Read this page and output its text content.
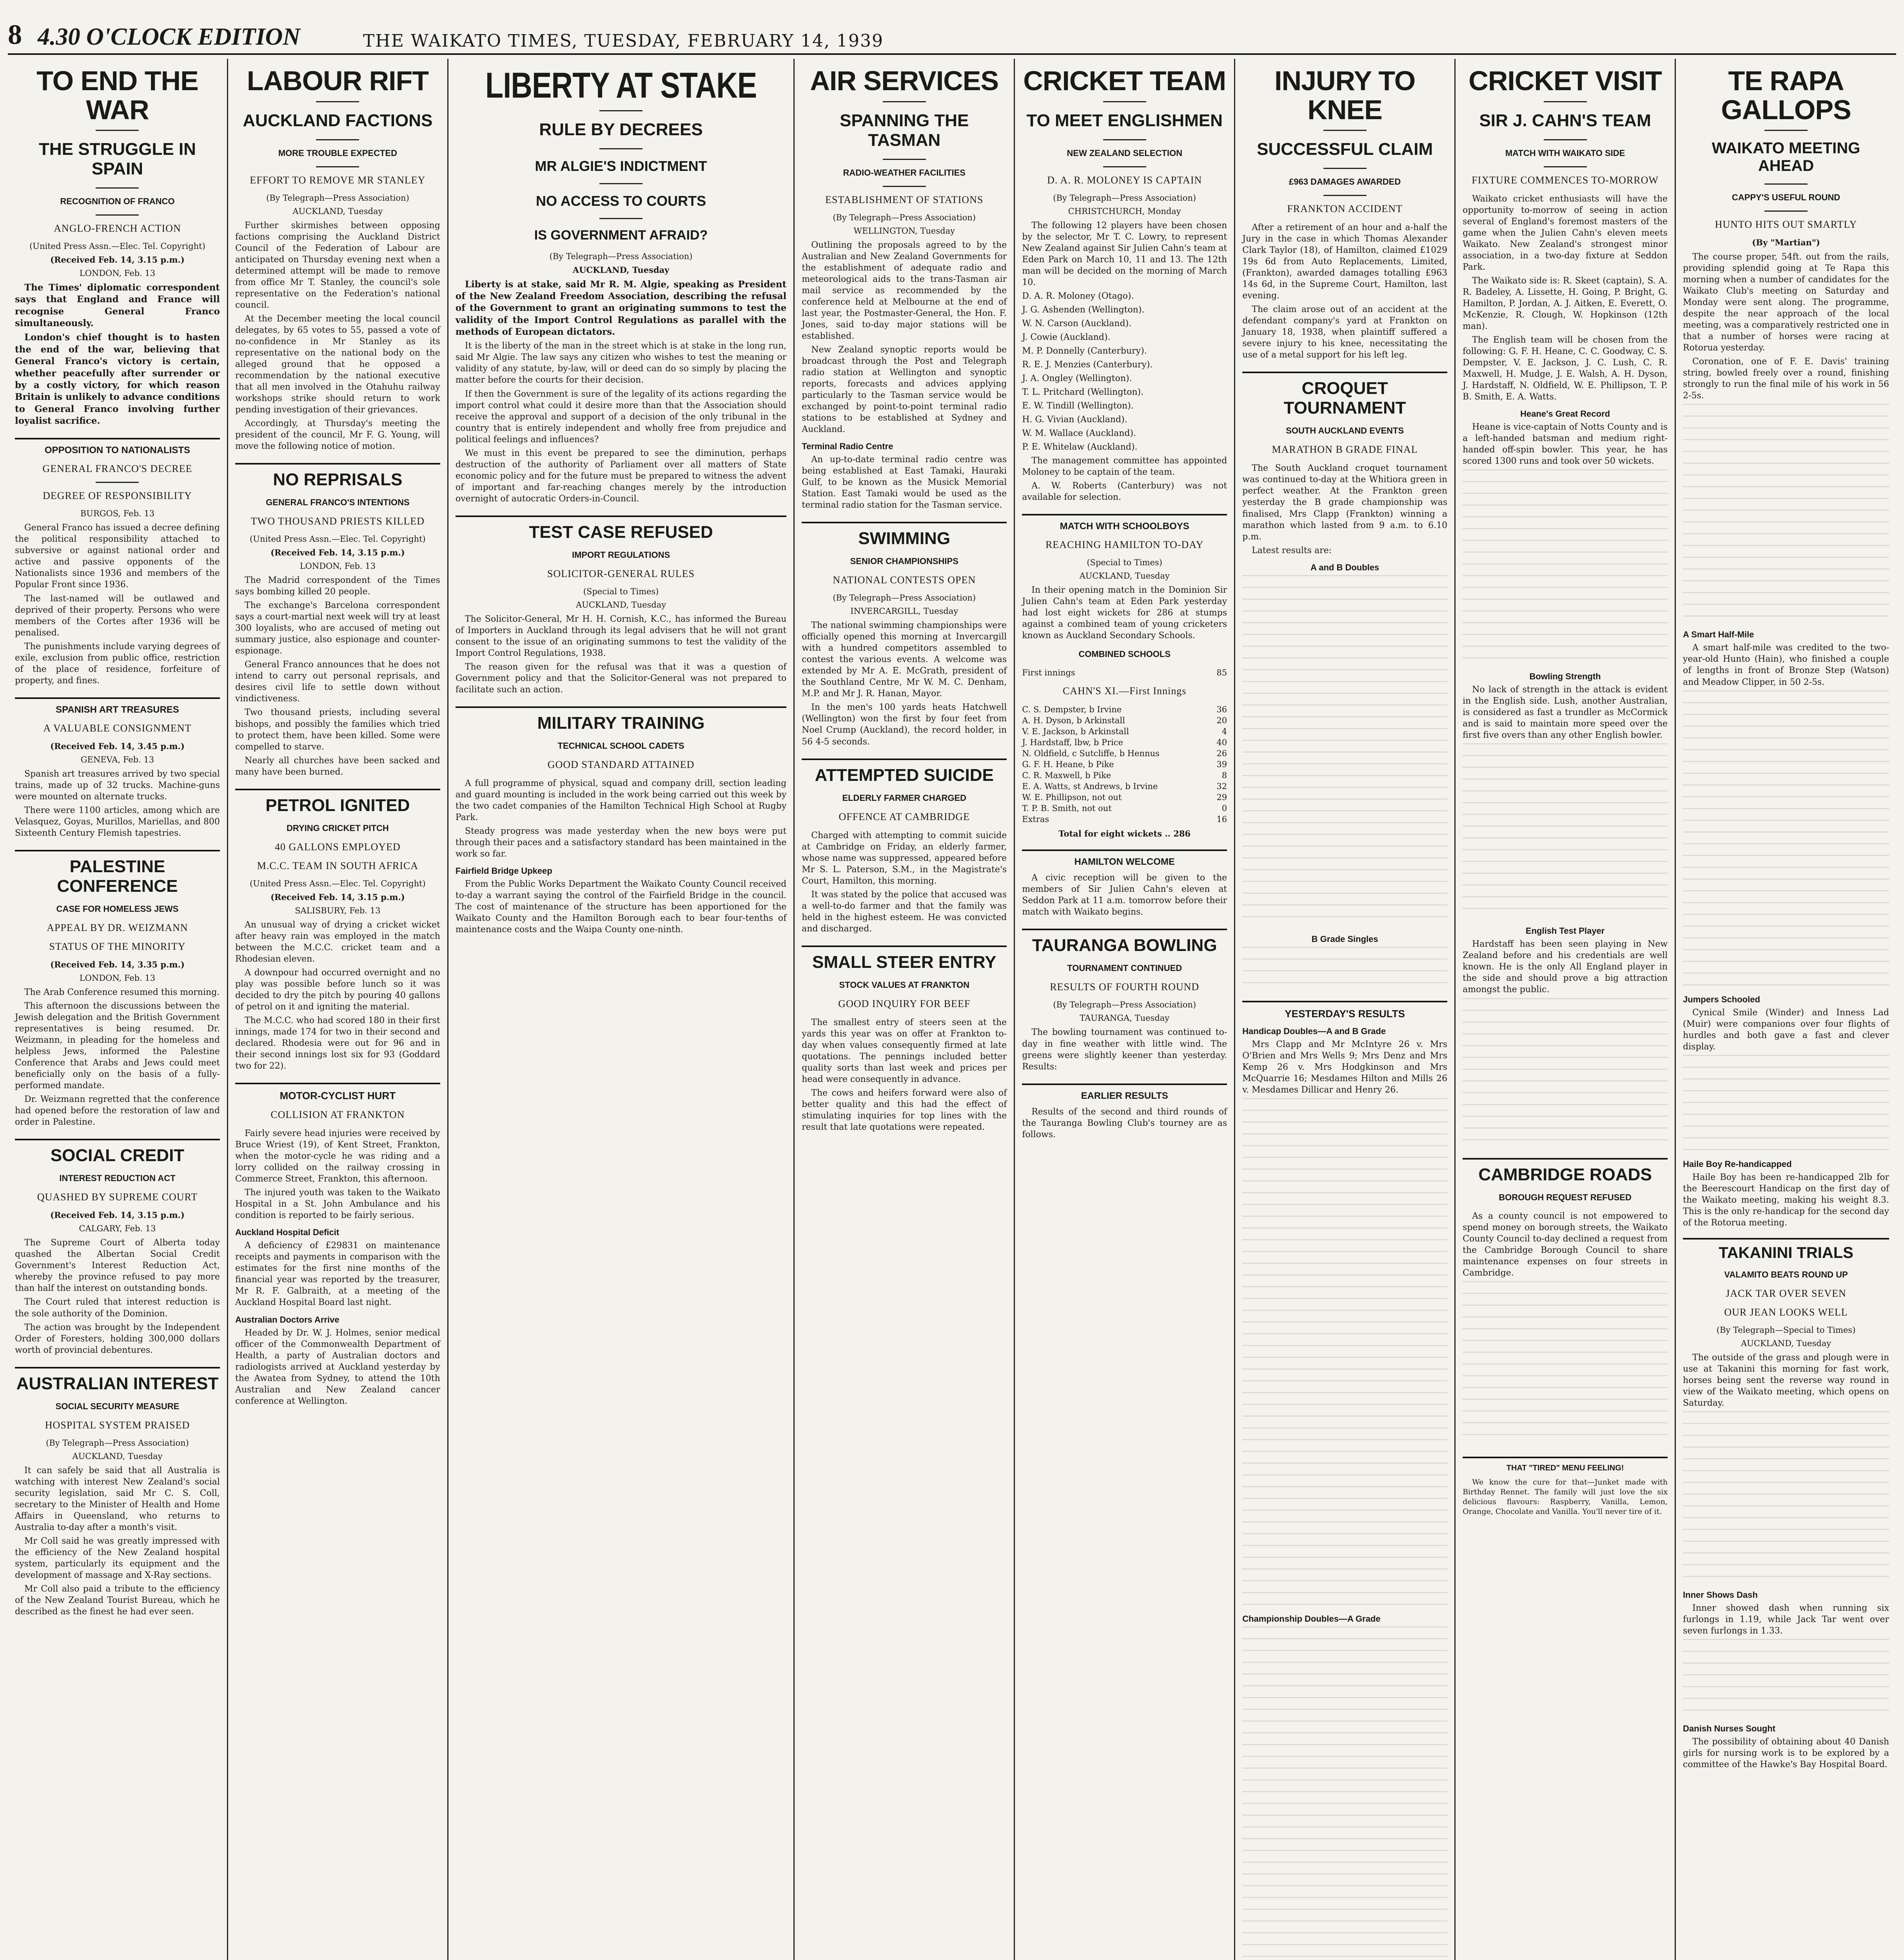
8 4.30 O'CLOCK EDITION	THE WAIKATO TIMES, TUESDAY, FEBRUARY 14, 1939
TO END THE WAR
THE STRUGGLE IN SPAIN
RECOGNITION OF FRANCO
ANGLO-FRENCH ACTION
(United Press Assn.—Elec. Tel. Copyright)
(Received Feb. 14, 3.15 p.m.)
LONDON, Feb. 13

The Times' diplomatic correspondent says that England and France will recognise General Franco simultaneously.

London's chief thought is to hasten the end of the war, believing that General Franco's victory is certain, whether peacefully after surrender or by a costly victory, for which reason Britain is unlikely to advance conditions to General Franco involving further loyalist sacrifice.

OPPOSITION TO NATIONALISTS
GENERAL FRANCO'S DECREE
DEGREE OF RESPONSIBILITY
BURGOS, Feb. 13

General Franco has issued a decree defining the political responsibility attached to subversive or against national order and active and passive opponents of the Nationalists since 1936 and members of the Popular Front since 1936.

The last-named will be outlawed and deprived of their property. Persons who were members of the Cortes after 1936 will be penalised.

The punishments include varying degrees of exile, exclusion from public office, restriction of the place of residence, forfeiture of property, and fines.

SPANISH ART TREASURES
A VALUABLE CONSIGNMENT
(Received Feb. 14, 3.45 p.m.)
GENEVA, Feb. 13

Spanish art treasures arrived by two special trains, made up of 32 trucks. Machine-guns were mounted on alternate trucks.

There were 1100 articles, among which are Velasquez, Goyas, Murillos, Mariellas, and 800 Sixteenth Century Flemish tapestries.

PALESTINE CONFERENCE
CASE FOR HOMELESS JEWS
APPEAL BY DR. WEIZMANN
STATUS OF THE MINORITY
(Received Feb. 14, 3.35 p.m.)
LONDON, Feb. 13

The Arab Conference resumed this morning.

This afternoon the discussions between the Jewish delegation and the British Government representatives is being resumed. Dr. Weizmann, in pleading for the homeless and helpless Jews, informed the Palestine Conference that Arabs and Jews could meet beneficially only on the basis of a fully-performed mandate.

Dr. Weizmann regretted that the conference had opened before the restoration of law and order in Palestine.

SOCIAL CREDIT
INTEREST REDUCTION ACT
QUASHED BY SUPREME COURT
(Received Feb. 14, 3.15 p.m.)
CALGARY, Feb. 13

The Supreme Court of Alberta today quashed the Albertan Social Credit Government's Interest Reduction Act, whereby the province refused to pay more than half the interest on outstanding bonds.

The Court ruled that interest reduction is the sole authority of the Dominion.

The action was brought by the Independent Order of Foresters, holding 300,000 dollars worth of provincial debentures.

AUSTRALIAN INTEREST
SOCIAL SECURITY MEASURE
HOSPITAL SYSTEM PRAISED
(By Telegraph—Press Association)
AUCKLAND, Tuesday

It can safely be said that all Australia is watching with interest New Zealand's social security legislation, said Mr C. S. Coll, secretary to the Minister of Health and Home Affairs in Queensland, who returns to Australia to-day after a month's visit.

Mr Coll said he was greatly impressed with the efficiency of the New Zealand hospital system, particularly its equipment and the development of massage and X-Ray sections.

Mr Coll also paid a tribute to the efficiency of the New Zealand Tourist Bureau, which he described as the finest he had ever seen.

LABOUR RIFT
AUCKLAND FACTIONS
MORE TROUBLE EXPECTED
EFFORT TO REMOVE MR STANLEY
(By Telegraph—Press Association)
AUCKLAND, Tuesday

Further skirmishes between opposing factions comprising the Auckland District Council of the Federation of Labour are anticipated on Thursday evening next when a determined attempt will be made to remove from office Mr T. Stanley, the council's sole representative on the Federation's national council.

At the December meeting the local council delegates, by 65 votes to 55, passed a vote of no-confidence in Mr Stanley as its representative on the national body on the alleged ground that he opposed a recommendation by the national executive that all men involved in the Otahuhu railway workshops strike should return to work pending investigation of their grievances.

Accordingly, at Thursday's meeting the president of the council, Mr F. G. Young, will move the following notice of motion.

NO REPRISALS
GENERAL FRANCO'S INTENTIONS
TWO THOUSAND PRIESTS KILLED
(United Press Assn.—Elec. Tel. Copyright)
(Received Feb. 14, 3.15 p.m.)
LONDON, Feb. 13

The Madrid correspondent of the Times says bombing killed 20 people.

The exchange's Barcelona correspondent says a court-martial next week will try at least 300 loyalists, who are accused of meting out summary justice, also espionage and counter-espionage.

General Franco announces that he does not intend to carry out personal reprisals, and desires civil life to settle down without vindictiveness.

Two thousand priests, including several bishops, and possibly the families which tried to protect them, have been killed. Some were compelled to starve.

Nearly all churches have been sacked and many have been burned.

PETROL IGNITED
DRYING CRICKET PITCH
40 GALLONS EMPLOYED
M.C.C. TEAM IN SOUTH AFRICA
(United Press Assn.—Elec. Tel. Copyright)
(Received Feb. 14, 3.15 p.m.)
SALISBURY, Feb. 13

An unusual way of drying a cricket wicket after heavy rain was employed in the match between the M.C.C. cricket team and a Rhodesian eleven.

A downpour had occurred overnight and no play was possible before lunch so it was decided to dry the pitch by pouring 40 gallons of petrol on it and igniting the material.

The M.C.C. who had scored 180 in their first innings, made 174 for two in their second and declared. Rhodesia were out for 96 and in their second innings lost six for 93 (Goddard two for 22).

MOTOR-CYCLIST HURT
COLLISION AT FRANKTON

Fairly severe head injuries were received by Bruce Wriest (19), of Kent Street, Frankton, when the motor-cycle he was riding and a lorry collided on the railway crossing in Commerce Street, Frankton, this afternoon.

The injured youth was taken to the Waikato Hospital in a St. John Ambulance and his condition is reported to be fairly serious.

Auckland Hospital Deficit

A deficiency of £29831 on maintenance receipts and payments in comparison with the estimates for the first nine months of the financial year was reported by the treasurer, Mr R. F. Galbraith, at a meeting of the Auckland Hospital Board last night.

Australian Doctors Arrive

Headed by Dr. W. J. Holmes, senior medical officer of the Commonwealth Department of Health, a party of Australian doctors and radiologists arrived at Auckland yesterday by the Awatea from Sydney, to attend the 10th Australian and New Zealand cancer conference at Wellington.

LIBERTY AT STAKE
RULE BY DECREES
MR ALGIE'S INDICTMENT
NO ACCESS TO COURTS
IS GOVERNMENT AFRAID?
(By Telegraph—Press Association)
AUCKLAND, Tuesday

Liberty is at stake, said Mr R. M. Algie, speaking as President of the New Zealand Freedom Association, describing the refusal of the Government to grant an originating summons to test the validity of the Import Control Regulations as parallel with the methods of European dictators.

It is the liberty of the man in the street which is at stake in the long run, said Mr Algie. The law says any citizen who wishes to test the meaning or validity of any statute, by-law, will or deed can do so simply by placing the matter before the courts for their decision.

If then the Government is sure of the legality of its actions regarding the import control what could it desire more than that the Association should receive the approval and support of a decision of the only tribunal in the country that is entirely independent and wholly free from prejudice and political feelings and influences?

We must in this event be prepared to see the diminution, perhaps destruction of the authority of Parliament over all matters of State economic policy and for the future must be prepared to witness the advent of important and far-reaching changes merely by the introduction overnight of autocratic Orders-in-Council.

TEST CASE REFUSED
IMPORT REGULATIONS
SOLICITOR-GENERAL RULES
(Special to Times)
AUCKLAND, Tuesday

The Solicitor-General, Mr H. H. Cornish, K.C., has informed the Bureau of Importers in Auckland through its legal advisers that he will not grant consent to the issue of an originating summons to test the validity of the Import Control Regulations, 1938.

The reason given for the refusal was that it was a question of Government policy and that the Solicitor-General was not prepared to facilitate such an action.

MILITARY TRAINING
TECHNICAL SCHOOL CADETS
GOOD STANDARD ATTAINED

A full programme of physical, squad and company drill, section leading and guard mounting is included in the work being carried out this week by the two cadet companies of the Hamilton Technical High School at Rugby Park.

Steady progress was made yesterday when the new boys were put through their paces and a satisfactory standard has been maintained in the work so far.

Fairfield Bridge Upkeep

From the Public Works Department the Waikato County Council received to-day a warrant saying the control of the Fairfield Bridge in the council. The cost of maintenance of the structure has been apportioned for the Waikato County and the Hamilton Borough each to bear four-tenths of maintenance costs and the Waipa County one-ninth.

AIR SERVICES
SPANNING THE TASMAN
RADIO-WEATHER FACILITIES
ESTABLISHMENT OF STATIONS
(By Telegraph—Press Association)
WELLINGTON, Tuesday

Outlining the proposals agreed to by the Australian and New Zealand Governments for the establishment of adequate radio and meteorological aids to the trans-Tasman air mail service as recommended by the conference held at Melbourne at the end of last year, the Postmaster-General, the Hon. F. Jones, said to-day major stations will be established.

New Zealand synoptic reports would be broadcast through the Post and Telegraph radio station at Wellington and synoptic reports, forecasts and advices applying particularly to the Tasman service would be exchanged by point-to-point terminal radio stations to be established at Sydney and Auckland.

Terminal Radio Centre

An up-to-date terminal radio centre was being established at East Tamaki, Hauraki Gulf, to be known as the Musick Memorial Station. East Tamaki would be used as the terminal radio station for the Tasman service.

SWIMMING
SENIOR CHAMPIONSHIPS
NATIONAL CONTESTS OPEN
(By Telegraph—Press Association)
INVERCARGILL, Tuesday

The national swimming championships were officially opened this morning at Invercargill with a hundred competitors assembled to contest the various events. A welcome was extended by Mr A. E. McGrath, president of the Southland Centre, Mr W. M. C. Denham, M.P. and Mr J. R. Hanan, Mayor.

In the men's 100 yards heats Hatchwell (Wellington) won the first by four feet from Noel Crump (Auckland), the record holder, in 56 4-5 seconds.

ATTEMPTED SUICIDE
ELDERLY FARMER CHARGED
OFFENCE AT CAMBRIDGE

Charged with attempting to commit suicide at Cambridge on Friday, an elderly farmer, whose name was suppressed, appeared before Mr S. L. Paterson, S.M., in the Magistrate's Court, Hamilton, this morning.

It was stated by the police that accused was a well-to-do farmer and that the family was held in the highest esteem. He was convicted and discharged.

SMALL STEER ENTRY
STOCK VALUES AT FRANKTON
GOOD INQUIRY FOR BEEF

The smallest entry of steers seen at the yards this year was on offer at Frankton to-day when values consequently firmed at late quotations. The pennings included better quality sorts than last week and prices per head were consequently in advance.

The cows and heifers forward were also of better quality and this had the effect of stimulating inquiries for top lines with the result that late quotations were repeated.

CRICKET TEAM
TO MEET ENGLISHMEN
NEW ZEALAND SELECTION
D. A. R. MOLONEY IS CAPTAIN
(By Telegraph—Press Association)
CHRISTCHURCH, Monday

The following 12 players have been chosen by the selector, Mr T. C. Lowry, to represent New Zealand against Sir Julien Cahn's team at Eden Park on March 10, 11 and 13. The 12th man will be decided on the morning of March 10.

D. A. R. Moloney (Otago).
J. G. Ashenden (Wellington).
W. N. Carson (Auckland).
J. Cowie (Auckland).
M. P. Donnelly (Canterbury).
R. E. J. Menzies (Canterbury).
J. A. Ongley (Wellington).
T. L. Pritchard (Wellington).
E. W. Tindill (Wellington).
H. G. Vivian (Auckland).
W. M. Wallace (Auckland).
P. E. Whitelaw (Auckland).

The management committee has appointed Moloney to be captain of the team.

A. W. Roberts (Canterbury) was not available for selection.

MATCH WITH SCHOOLBOYS
REACHING HAMILTON TO-DAY
(Special to Times)
AUCKLAND, Tuesday

In their opening match in the Dominion Sir Julien Cahn's team at Eden Park yesterday had lost eight wickets for 286 at stumps against a combined team of young cricketers known as Auckland Secondary Schools.

COMBINED SCHOOLS
First innings	85
CAHN'S XI.—First Innings
C. S. Dempster, b Irvine	36
A. H. Dyson, b Arkinstall	20
V. E. Jackson, b Arkinstall	4
J. Hardstaff, lbw, b Price	40
N. Oldfield, c Sutcliffe, b Hennus	26
G. F. H. Heane, b Pike	39
C. R. Maxwell, b Pike	8
E. A. Watts, st Andrews, b Irvine	32
W. E. Phillipson, not out	29
T. P. B. Smith, not out	0
Extras	16
Total for eight wickets .. 286
HAMILTON WELCOME

A civic reception will be given to the members of Sir Julien Cahn's eleven at Seddon Park at 11 a.m. tomorrow before their match with Waikato begins.

TAURANGA BOWLING
TOURNAMENT CONTINUED
RESULTS OF FOURTH ROUND
(By Telegraph—Press Association)
TAURANGA, Tuesday

The bowling tournament was continued to-day in fine weather with little wind. The greens were slightly keener than yesterday. Results:

EARLIER RESULTS

Results of the second and third rounds of the Tauranga Bowling Club's tourney are as follows.

INJURY TO KNEE
SUCCESSFUL CLAIM
£963 DAMAGES AWARDED
FRANKTON ACCIDENT

After a retirement of an hour and a-half the Jury in the case in which Thomas Alexander Clark Taylor (18), of Hamilton, claimed £1029 19s 6d from Auto Replacements, Limited, (Frankton), awarded damages totalling £963 14s 6d, in the Supreme Court, Hamilton, last evening.

The claim arose out of an accident at the defendant company's yard at Frankton on January 18, 1938, when plaintiff suffered a severe injury to his knee, necessitating the use of a metal support for his left leg.

CROQUET TOURNAMENT
SOUTH AUCKLAND EVENTS
MARATHON B GRADE FINAL

The South Auckland croquet tournament was continued to-day at the Whitiora green in perfect weather. At the Frankton green yesterday the B grade championship was finalised, Mrs Clapp (Frankton) winning a marathon which lasted from 9 a.m. to 6.10 p.m.

Latest results are:

A and B Doubles
B Grade Singles
YESTERDAY'S RESULTS
Handicap Doubles—A and B Grade

Mrs Clapp and Mr McIntyre 26 v. Mrs O'Brien and Mrs Wells 9; Mrs Denz and Mrs Kemp 26 v. Mrs Hodgkinson and Mrs McQuarrie 16; Mesdames Hilton and Mills 26 v. Mesdames Dillicar and Henry 26.

Championship Doubles—A Grade
CRICKET VISIT
SIR J. CAHN'S TEAM
MATCH WITH WAIKATO SIDE
FIXTURE COMMENCES TO-MORROW

Waikato cricket enthusiasts will have the opportunity to-morrow of seeing in action several of England's foremost masters of the game when the Julien Cahn's eleven meets Waikato. New Zealand's strongest minor association, in a two-day fixture at Seddon Park.

The Waikato side is: R. Skeet (captain), S. A. R. Badeley, A. Lissette, H. Going, P. Bright, G. Hamilton, P. Jordan, A. J. Aitken, E. Everett, O. McKenzie, R. Clough, W. Hopkinson (12th man).

The English team will be chosen from the following: G. F. H. Heane, C. C. Goodway, C. S. Dempster, V. E. Jackson, J. C. Lush, C. R. Maxwell, H. Mudge, J. E. Walsh, A. H. Dyson, J. Hardstaff, N. Oldfield, W. E. Phillipson, T. P. B. Smith, E. A. Watts.

Heane's Great Record

Heane is vice-captain of Notts County and is a left-handed batsman and medium right-handed off-spin bowler. This year, he has scored 1300 runs and took over 50 wickets.

Bowling Strength

No lack of strength in the attack is evident in the English side. Lush, another Australian, is considered as fast a trundler as McCormick and is said to maintain more speed over the first five overs than any other English bowler.

English Test Player

Hardstaff has been seen playing in New Zealand before and his credentials are well known. He is the only All England player in the side and should prove a big attraction amongst the public.

CAMBRIDGE ROADS
BOROUGH REQUEST REFUSED

As a county council is not empowered to spend money on borough streets, the Waikato County Council to-day declined a request from the Cambridge Borough Council to share maintenance expenses on four streets in Cambridge.

THAT "TIRED" MENU FEELING!

We know the cure for that—Junket made with Birthday Rennet. The family will just love the six delicious flavours: Raspberry, Vanilla, Lemon, Orange, Chocolate and Vanilla. You'll never tire of it.

TE RAPA GALLOPS
WAIKATO MEETING AHEAD
CAPPY'S USEFUL ROUND
HUNTO HITS OUT SMARTLY
(By "Martian")

The course proper, 54ft. out from the rails, providing splendid going at Te Rapa this morning when a number of candidates for the Waikato Club's meeting on Saturday and Monday were sent along. The programme, despite the near approach of the local meeting, was a comparatively restricted one in that a number of horses were racing at Rotorua yesterday.

Coronation, one of F. E. Davis' training string, bowled freely over a round, finishing strongly to run the final mile of his work in 56 2-5s.

A Smart Half-Mile

A smart half-mile was credited to the two-year-old Hunto (Hain), who finished a couple of lengths in front of Bronze Step (Watson) and Meadow Clipper, in 50 2-5s.

Jumpers Schooled

Cynical Smile (Winder) and Inness Lad (Muir) were companions over four flights of hurdles and both gave a fast and clever display.

Haile Boy Re-handicapped

Haile Boy has been re-handicapped 2lb for the Beerescourt Handicap on the first day of the Waikato meeting, making his weight 8.3. This is the only re-handicap for the second day of the Rotorua meeting.

TAKANINI TRIALS
VALAMITO BEATS ROUND UP
JACK TAR OVER SEVEN
OUR JEAN LOOKS WELL
(By Telegraph—Special to Times)
AUCKLAND, Tuesday

The outside of the grass and plough were in use at Takanini this morning for fast work, horses being sent the reverse way round in view of the Waikato meeting, which opens on Saturday.

Inner Shows Dash

Inner showed dash when running six furlongs in 1.19, while Jack Tar went over seven furlongs in 1.33.

Danish Nurses Sought

The possibility of obtaining about 40 Danish girls for nursing work is to be explored by a committee of the Hawke's Bay Hospital Board.
